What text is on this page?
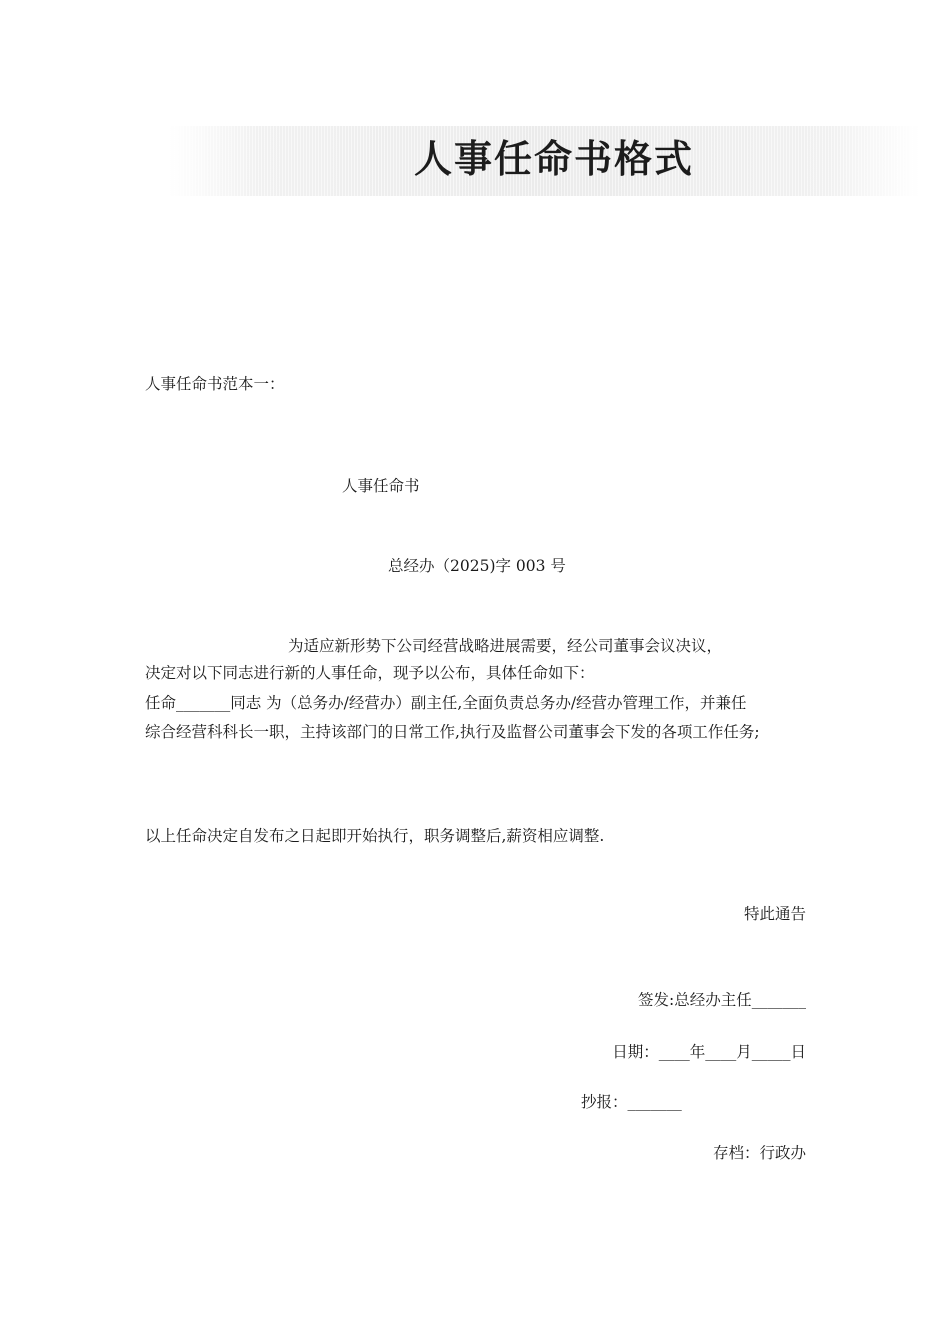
人事任命书格式
人事任命书范本一：
人事任命书
总经办（2025)字 003 号
为适应新形势下公司经营战略进展需要，经公司董事会议决议，
决定对以下同志进行新的人事任命，现予以公布，具体任命如下：
任命_______同志 为（总务办/经营办）副主任,全面负责总务办/经营办管理工作，并兼任
综合经营科科长一职，主持该部门的日常工作,执行及监督公司董事会下发的各项工作任务;
以上任命决定自发布之日起即开始执行，职务调整后,薪资相应调整.
特此通告
签发:总经办主任_______
日期：____年____月_____日
抄报：_______
存档：行政办
